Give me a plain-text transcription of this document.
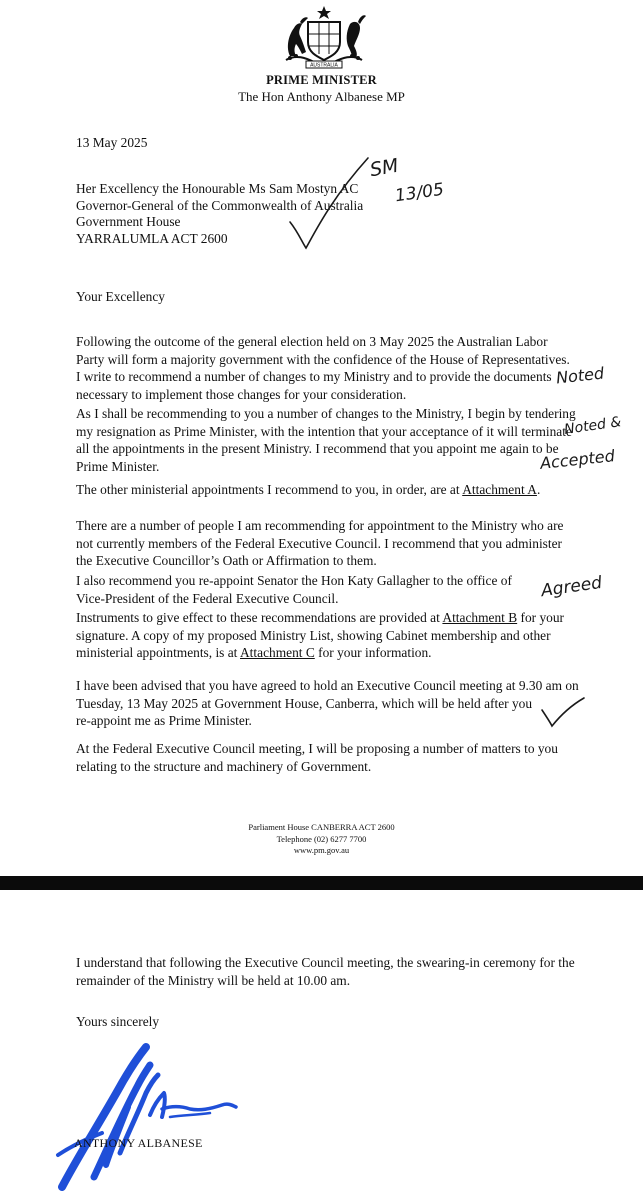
AUSTRALIA
PRIME MINISTER
The Hon Anthony Albanese MP
13 May 2025
Her Excellency the Honourable Ms Sam Mostyn AC
Governor-General of the Commonwealth of Australia
Government House
YARRALUMLA ACT 2600
Your Excellency
Following the outcome of the general election held on 3 May 2025 the Australian Labor
Party will form a majority government with the confidence of the House of Representatives.
I write to recommend a number of changes to my Ministry and to provide the documents
necessary to implement those changes for your consideration.
As I shall be recommending to you a number of changes to the Ministry, I begin by tendering
my resignation as Prime Minister, with the intention that your acceptance of it will terminate
all the appointments in the present Ministry. I recommend that you appoint me again to be
Prime Minister.
The other ministerial appointments I recommend to you, in order, are at Attachment A.
There are a number of people I am recommending for appointment to the Ministry who are
not currently members of the Federal Executive Council. I recommend that you administer
the Executive Councillor’s Oath or Affirmation to them.
I also recommend you re-appoint Senator the Hon Katy Gallagher to the office of
Vice-President of the Federal Executive Council.
Instruments to give effect to these recommendations are provided at Attachment B for your
signature. A copy of my proposed Ministry List, showing Cabinet membership and other
ministerial appointments, is at Attachment C for your information.
I have been advised that you have agreed to hold an Executive Council meeting at 9.30 am on
Tuesday, 13 May 2025 at Government House, Canberra, which will be held after you
re-appoint me as Prime Minister.
At the Federal Executive Council meeting, I will be proposing a number of matters to you
relating to the structure and machinery of Government.
Parliament House CANBERRA ACT 2600
Telephone (02) 6277 7700
www.pm.gov.au
SM
13/05
Noted
Noted &
Accepted
Agreed
I understand that following the Executive Council meeting, the swearing-in ceremony for the
remainder of the Ministry will be held at 10.00 am.
Yours sincerely
ANTHONY ALBANESE
